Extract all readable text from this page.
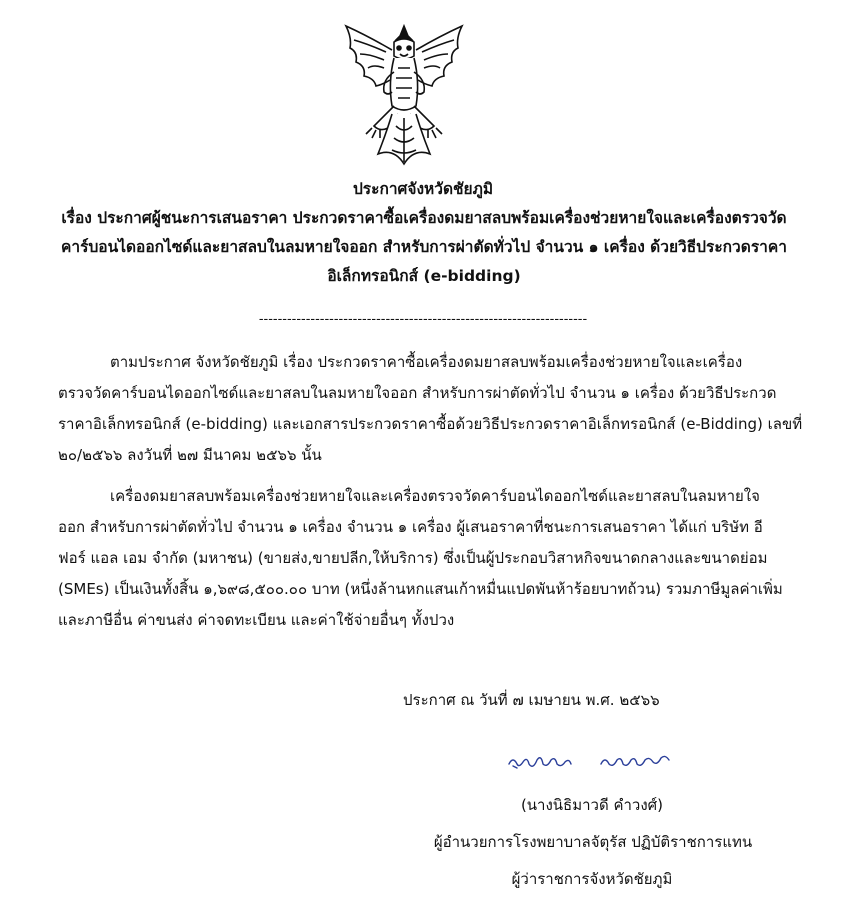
ประกาศจังหวัดชัยภูมิ
เรื่อง ประกาศผู้ชนะการเสนอราคา ประกวดราคาซื้อเครื่องดมยาสลบพร้อมเครื่องช่วยหายใจและเครื่องตรวจวัด
คาร์บอนไดออกไซด์และยาสลบในลมหายใจออก สำหรับการผ่าตัดทั่วไป จำนวน ๑ เครื่อง ด้วยวิธีประกวดราคา
อิเล็กทรอนิกส์ (e-bidding)
----------------------------------------------------------------------
ตามประกาศ จังหวัดชัยภูมิ เรื่อง ประกวดราคาซื้อเครื่องดมยาสลบพร้อมเครื่องช่วยหายใจและเครื่อง
ตรวจวัดคาร์บอนไดออกไซด์และยาสลบในลมหายใจออก สำหรับการผ่าตัดทั่วไป จำนวน ๑ เครื่อง ด้วยวิธีประกวด
ราคาอิเล็กทรอนิกส์ (e-bidding) และเอกสารประกวดราคาซื้อด้วยวิธีประกวดราคาอิเล็กทรอนิกส์ (e-Bidding) เลขที่
๒๐/๒๕๖๖ ลงวันที่ ๒๗ มีนาคม ๒๕๖๖ นั้น
เครื่องดมยาสลบพร้อมเครื่องช่วยหายใจและเครื่องตรวจวัดคาร์บอนไดออกไซด์และยาสลบในลมหายใจ
ออก สำหรับการผ่าตัดทั่วไป จำนวน ๑ เครื่อง จำนวน ๑ เครื่อง ผู้เสนอราคาที่ชนะการเสนอราคา ได้แก่ บริษัท อี
ฟอร์ แอล เอม จำกัด (มหาชน) (ขายส่ง,ขายปลีก,ให้บริการ) ซึ่งเป็นผู้ประกอบวิสาหกิจขนาดกลางและขนาดย่อม
(SMEs) เป็นเงินทั้งสิ้น ๑,๖๙๘,๕๐๐.๐๐ บาท (หนึ่งล้านหกแสนเก้าหมื่นแปดพันห้าร้อยบาทถ้วน) รวมภาษีมูลค่าเพิ่ม
และภาษีอื่น ค่าขนส่ง ค่าจดทะเบียน และค่าใช้จ่ายอื่นๆ ทั้งปวง
ประกาศ ณ วันที่ ๗ เมษายน พ.ศ. ๒๕๖๖
(นางนิธิมาวดี คำวงศ์)
ผู้อำนวยการโรงพยาบาลจัตุรัส ปฏิบัติราชการแทน
ผู้ว่าราชการจังหวัดชัยภูมิ
